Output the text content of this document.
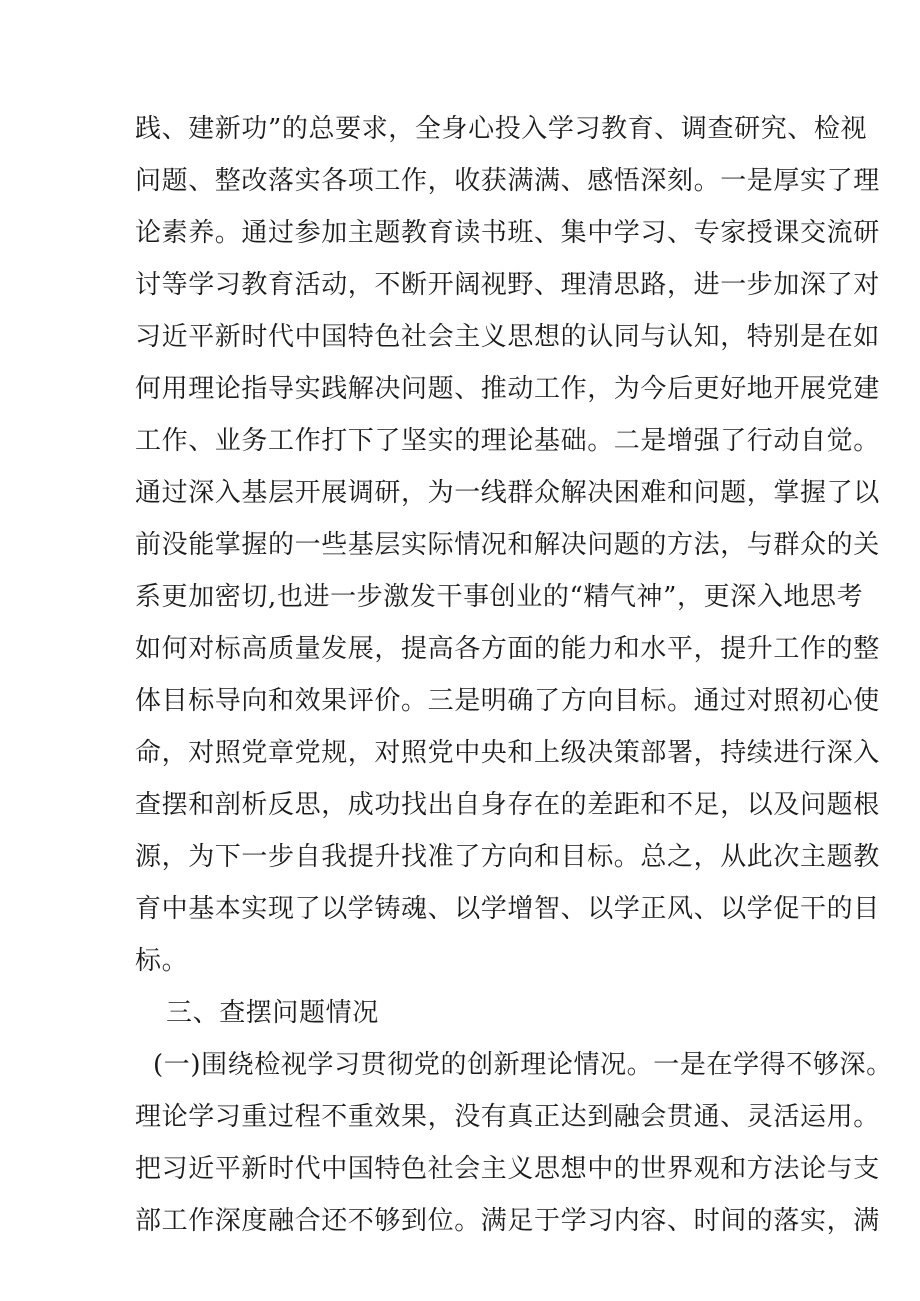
践、建新功”的总要求，全身心投入学习教育、调查研究、检视

问题、整改落实各项工作，收获满满、感悟深刻。一是厚实了理

论素养。通过参加主题教育读书班、集中学习、专家授课交流研

讨等学习教育活动，不断开阔视野、理清思路，进一步加深了对

习近平新时代中国特色社会主义思想的认同与认知，特别是在如

何用理论指导实践解决问题、推动工作，为今后更好地开展党建

工作、业务工作打下了坚实的理论基础。二是增强了行动自觉。

通过深入基层开展调研，为一线群众解决困难和问题，掌握了以

前没能掌握的一些基层实际情况和解决问题的方法，与群众的关

系更加密切,也进一步激发干事创业的“精气神”，更深入地思考

如何对标高质量发展，提高各方面的能力和水平，提升工作的整

体目标导向和效果评价。三是明确了方向目标。通过对照初心使

命，对照党章党规，对照党中央和上级决策部署，持续进行深入

查摆和剖析反思，成功找出自身存在的差距和不足，以及问题根

源，为下一步自我提升找准了方向和目标。总之，从此次主题教

育中基本实现了以学铸魂、以学增智、以学正风、以学促干的目

标。

三、查摆问题情况

(一)围绕检视学习贯彻党的创新理论情况。一是在学得不够深。

理论学习重过程不重效果，没有真正达到融会贯通、灵活运用。

把习近平新时代中国特色社会主义思想中的世界观和方法论与支

部工作深度融合还不够到位。满足于学习内容、时间的落实，满
